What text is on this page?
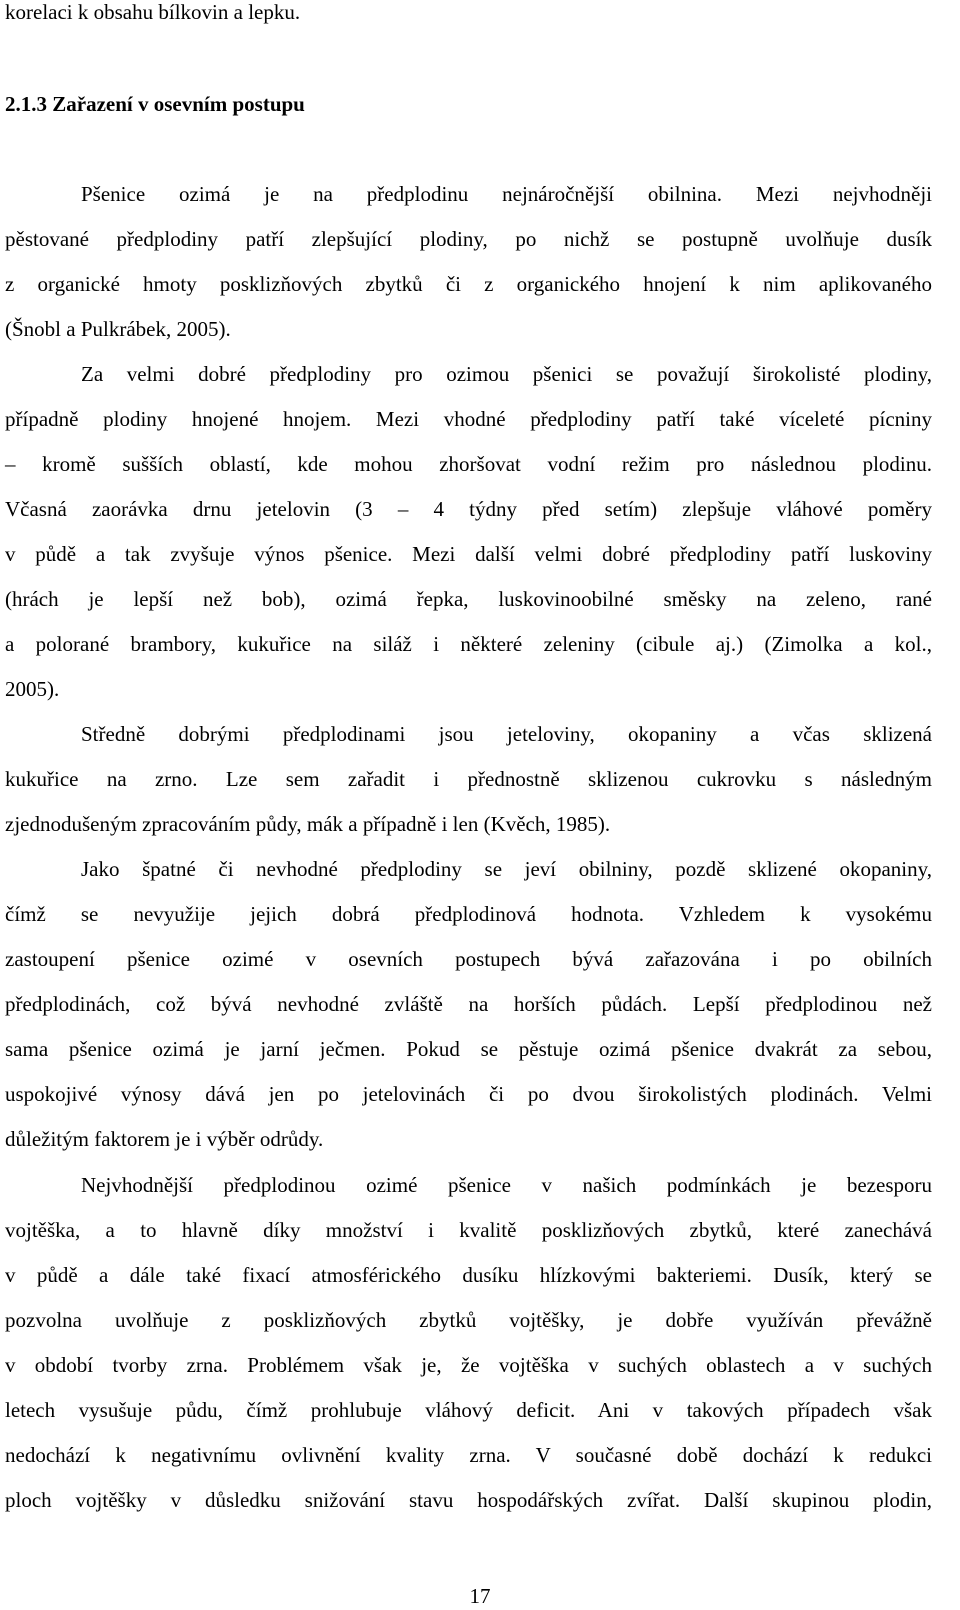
korelaci k obsahu bílkovin a lepku.
2.1.3 Zařazení v osevním postupu
Pšenice ozimá je na předplodinu nejnáročnější obilnina. Mezi nejvhodněji
pěstované předplodiny patří zlepšující plodiny, po nichž se postupně uvolňuje dusík
z organické hmoty posklizňových zbytků či z organického hnojení k nim aplikovaného
(Šnobl a Pulkrábek, 2005).
Za velmi dobré předplodiny pro ozimou pšenici se považují širokolisté plodiny,
případně plodiny hnojené hnojem. Mezi vhodné předplodiny patří také víceleté pícniny
– kromě sušších oblastí, kde mohou zhoršovat vodní režim pro následnou plodinu.
Včasná zaorávka drnu jetelovin (3 – 4 týdny před setím) zlepšuje vláhové poměry
v půdě a tak zvyšuje výnos pšenice. Mezi další velmi dobré předplodiny patří luskoviny
(hrách je lepší než bob), ozimá řepka, luskovinoobilné směsky na zeleno, rané
a polorané brambory, kukuřice na siláž i některé zeleniny (cibule aj.) (Zimolka a kol.,
2005).
Středně dobrými předplodinami jsou jeteloviny, okopaniny a včas sklizená
kukuřice na zrno. Lze sem zařadit i přednostně sklizenou cukrovku s následným
zjednodušeným zpracováním půdy, mák a případně i len (Kvěch, 1985).
Jako špatné či nevhodné předplodiny se jeví obilniny, pozdě sklizené okopaniny,
čímž se nevyužije jejich dobrá předplodinová hodnota. Vzhledem k vysokému
zastoupení pšenice ozimé v osevních postupech bývá zařazována i po obilních
předplodinách, což bývá nevhodné zvláště na horších půdách. Lepší předplodinou než
sama pšenice ozimá je jarní ječmen. Pokud se pěstuje ozimá pšenice dvakrát za sebou,
uspokojivé výnosy dává jen po jetelovinách či po dvou širokolistých plodinách. Velmi
důležitým faktorem je i výběr odrůdy.
Nejvhodnější předplodinou ozimé pšenice v našich podmínkách je bezesporu
vojtěška, a to hlavně díky množství i kvalitě posklizňových zbytků, které zanechává
v půdě a dále také fixací atmosférického dusíku hlízkovými bakteriemi. Dusík, který se
pozvolna uvolňuje z posklizňových zbytků vojtěšky, je dobře využíván převážně
v období tvorby zrna. Problémem však je, že vojtěška v suchých oblastech a v suchých
letech vysušuje půdu, čímž prohlubuje vláhový deficit. Ani v takových případech však
nedochází k negativnímu ovlivnění kvality zrna. V současné době dochází k redukci
ploch vojtěšky v důsledku snižování stavu hospodářských zvířat. Další skupinou plodin,
17
